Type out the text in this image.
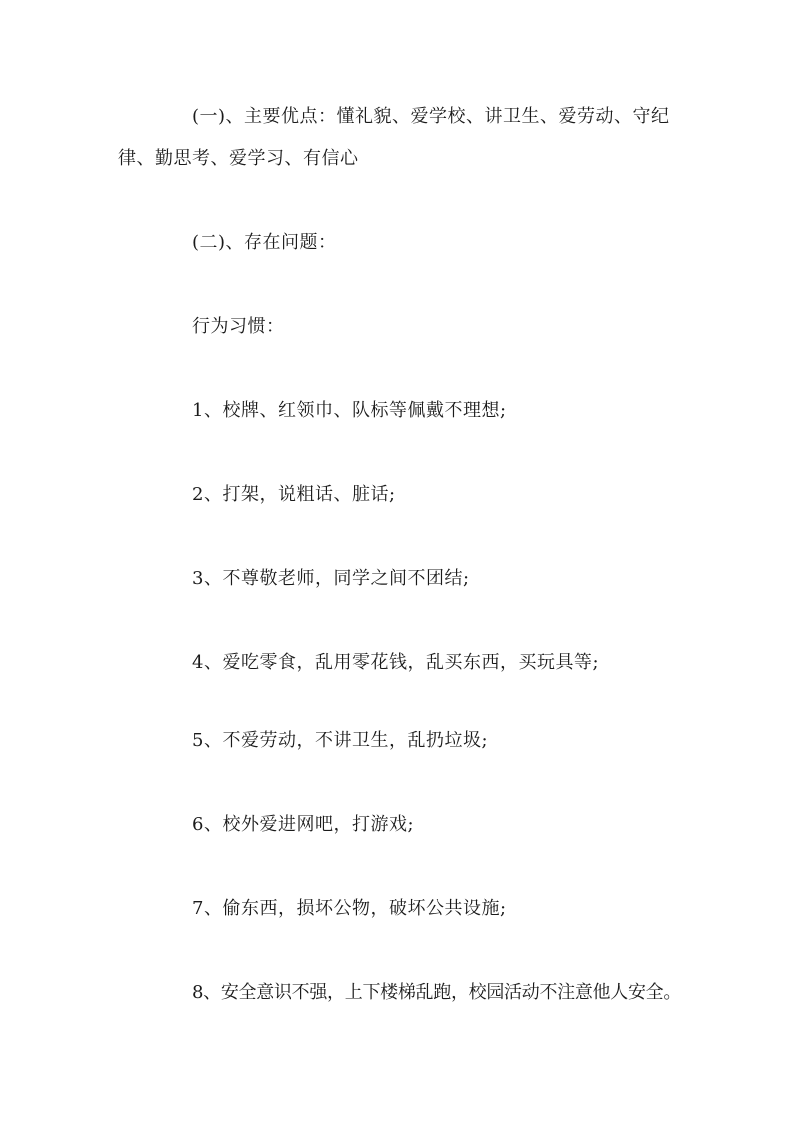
(一)、主要优点：懂礼貌、爱学校、讲卫生、爱劳动、守纪律、勤思考、爱学习、有信心

(二)、存在问题：

行为习惯：

1、校牌、红领巾、队标等佩戴不理想;

2、打架，说粗话、脏话;

3、不尊敬老师，同学之间不团结;

4、爱吃零食，乱用零花钱，乱买东西，买玩具等;

5、不爱劳动，不讲卫生，乱扔垃圾;

6、校外爱进网吧，打游戏;

7、偷东西，损坏公物，破坏公共设施;

8、安全意识不强，上下楼梯乱跑，校园活动不注意他人安全。
